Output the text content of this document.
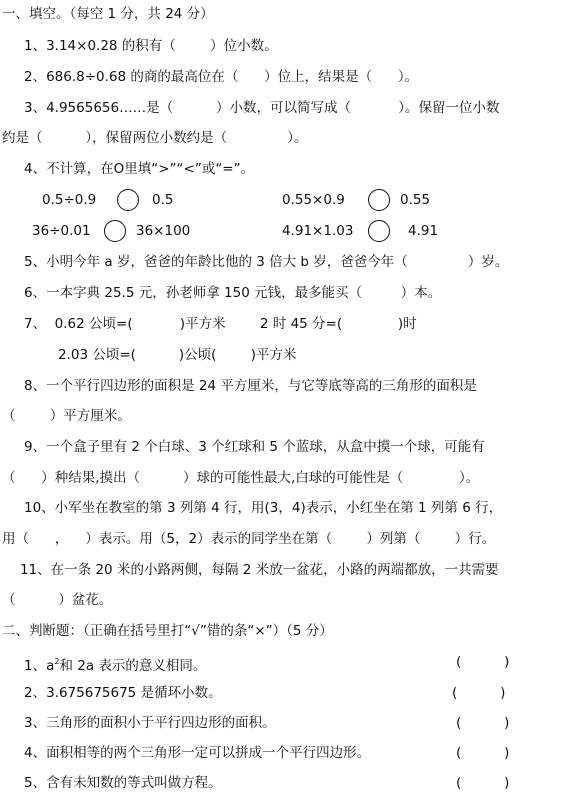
一、填空。（每空 1 分，共 24 分）
1、3.14×0.28 的积有（        ）位小数。
2、686.8÷0.68 的商的最高位在（      ）位上，结果是（      ）。
3、4.9565656……是（          ）小数，可以简写成（           ）。保留一位小数
约是（          ），保留两位小数约是（              ）。
4、不计算，在O里填“>”“<”或“=”。
0.5÷0.9	0.5	0.55×0.9	0.55
36÷0.01	36×100	4.91×1.03	4.91
5、小明今年 a 岁，爸爸的年龄比他的 3 倍大 b 岁，爸爸今年（              ）岁。
6、一本字典 25.5 元，孙老师拿 150 元钱，最多能买（         ）本。
7、  0.62 公顷=(           )平方米        2 时 45 分=(             )时
2.03 公顷=(          )公顷(        )平方米
8、一个平行四边形的面积是 24 平方厘米，与它等底等高的三角形的面积是
（        ）平方厘米。
9、一个盒子里有 2 个白球、3 个红球和 5 个蓝球，从盒中摸一个球，可能有
（      ）种结果,摸出（          ）球的可能性最大,白球的可能性是（             ）。
10、小军坐在教室的第 3 列第 4 行，用(3，4)表示，小红坐在第 1 列第 6 行，
用（      ，    ）表示。用（5，2）表示的同学坐在第（        ）列第（        ）行。
11、在一条 20 米的小路两侧，每隔 2 米放一盆花，小路的两端都放，一共需要
（          ）盆花。
二、判断题：（正确在括号里打“√”错的条“×”）（5 分）
1、$a^2$和 2a 表示的意义相同。	(          )
2、3.675675675 是循环小数。	(          )
3、三角形的面积小于平行四边形的面积。	(          )
4、面积相等的两个三角形一定可以拼成一个平行四边形。	(          )
5、含有未知数的等式叫做方程。	(          )
